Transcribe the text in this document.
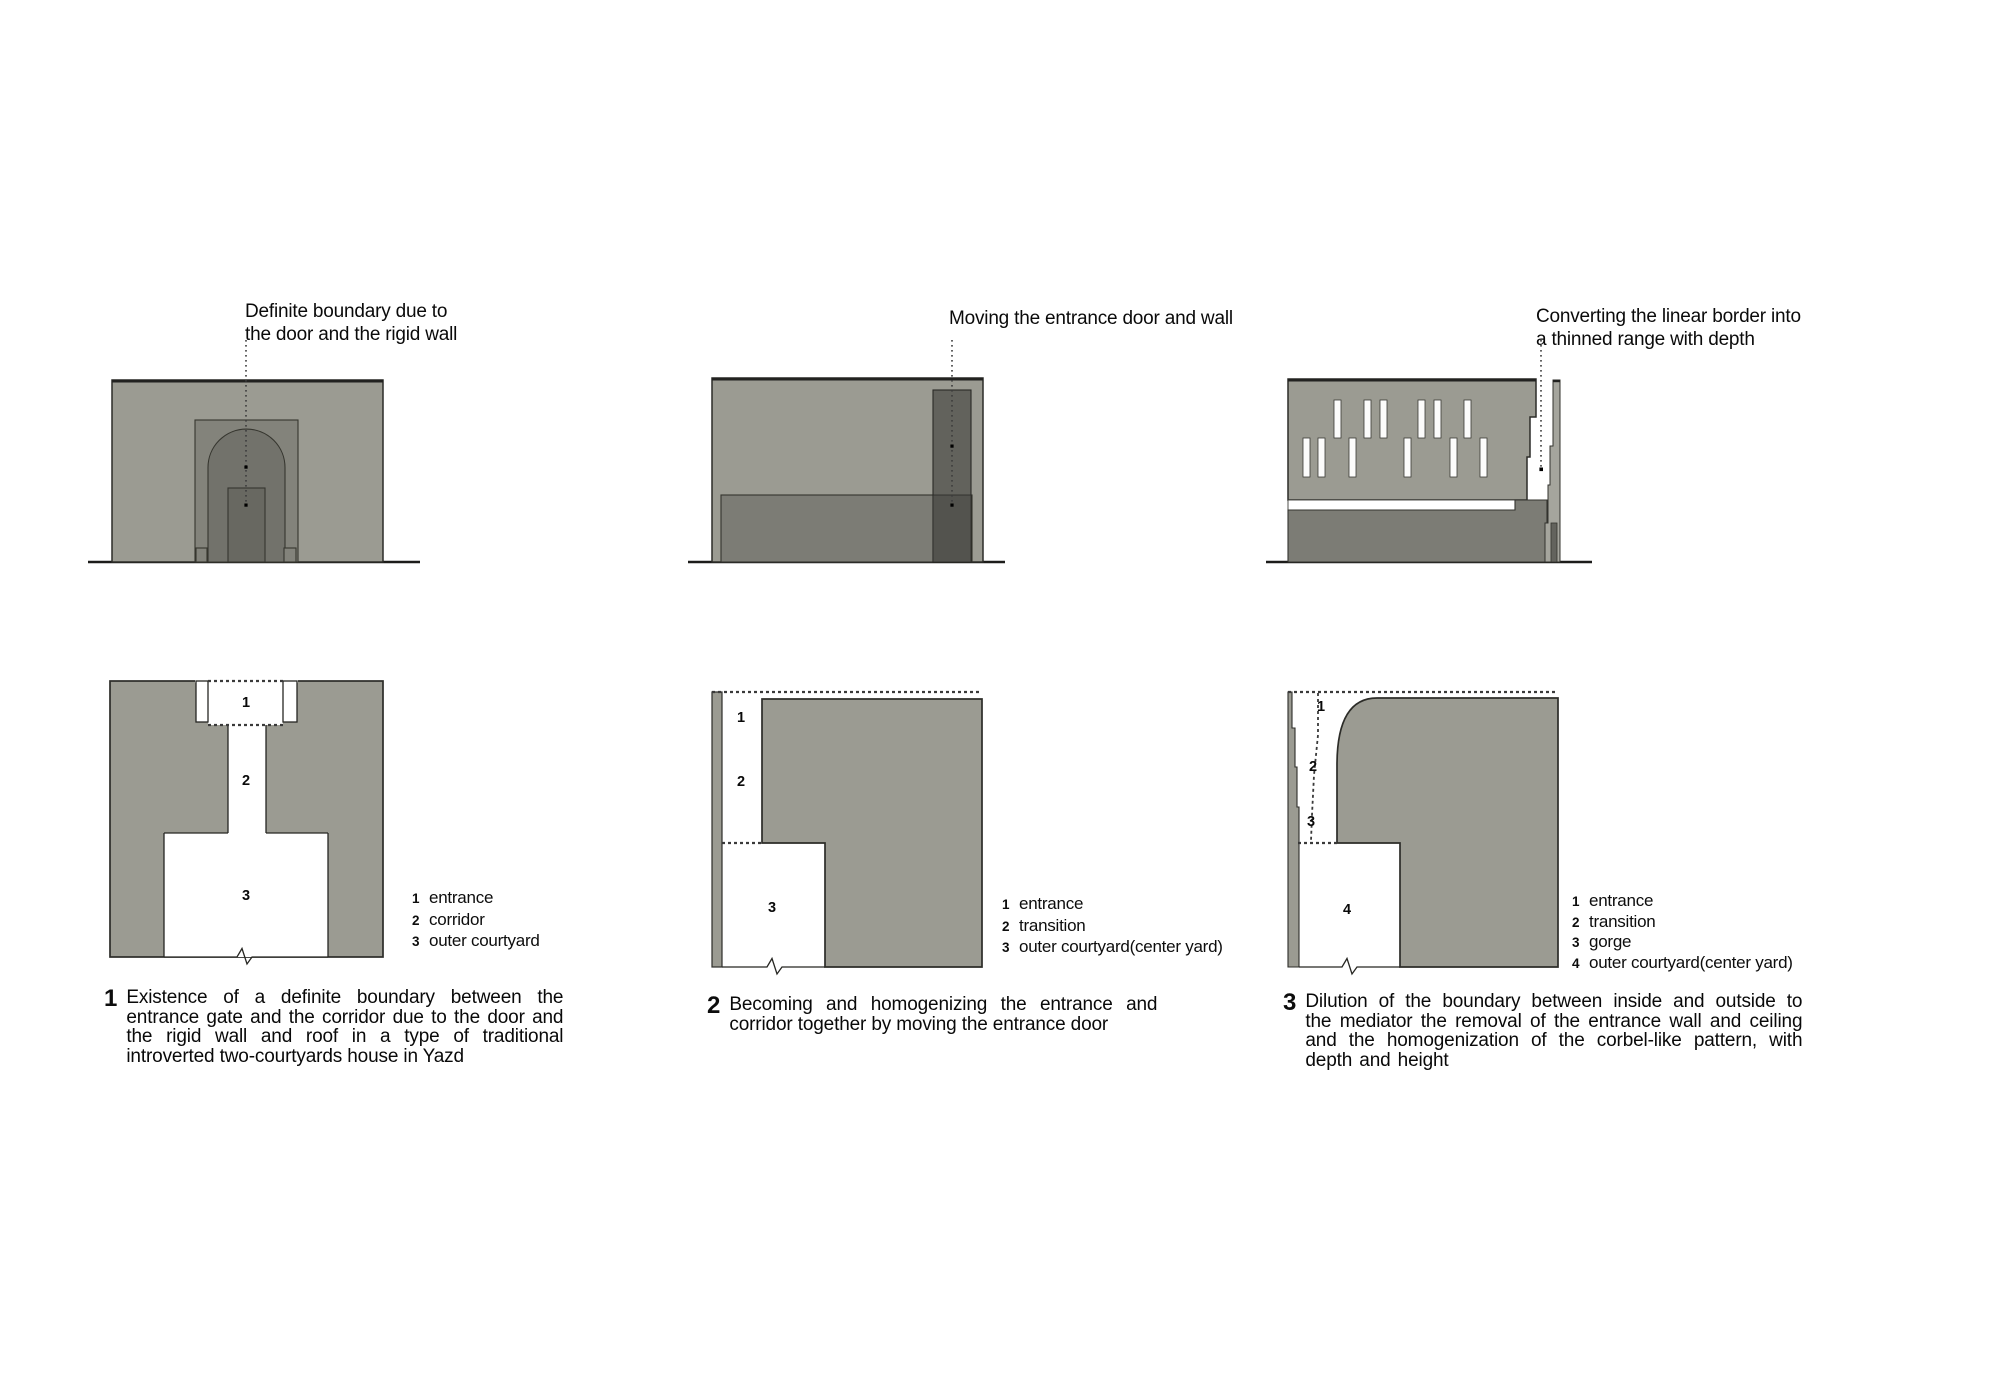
Definite boundary due to
the door and the rigid wall
1
2
3	1 entrance
2 corridor
3 outer courtyard
1 Existence of a definite boundary between the entrance gate and the corridor due to the door and the rigid wall and roof in a type of traditional introverted two-courtyards house in Yazd
Moving the entrance door and wall
1
2
3	1 entrance
2 transition
3 outer courtyard(center yard)
2 Becoming and homogenizing the entrance and corridor together by moving the entrance door
Converting the linear border into
a thinned range with depth
1
2
3
4
1 entrance
2 transition
3 gorge
4 outer courtyard(center yard)
3 Dilution of the boundary between inside and outside to the mediator the removal of the entrance wall and ceiling and the homogenization of the corbel-like pattern, with depth and height
